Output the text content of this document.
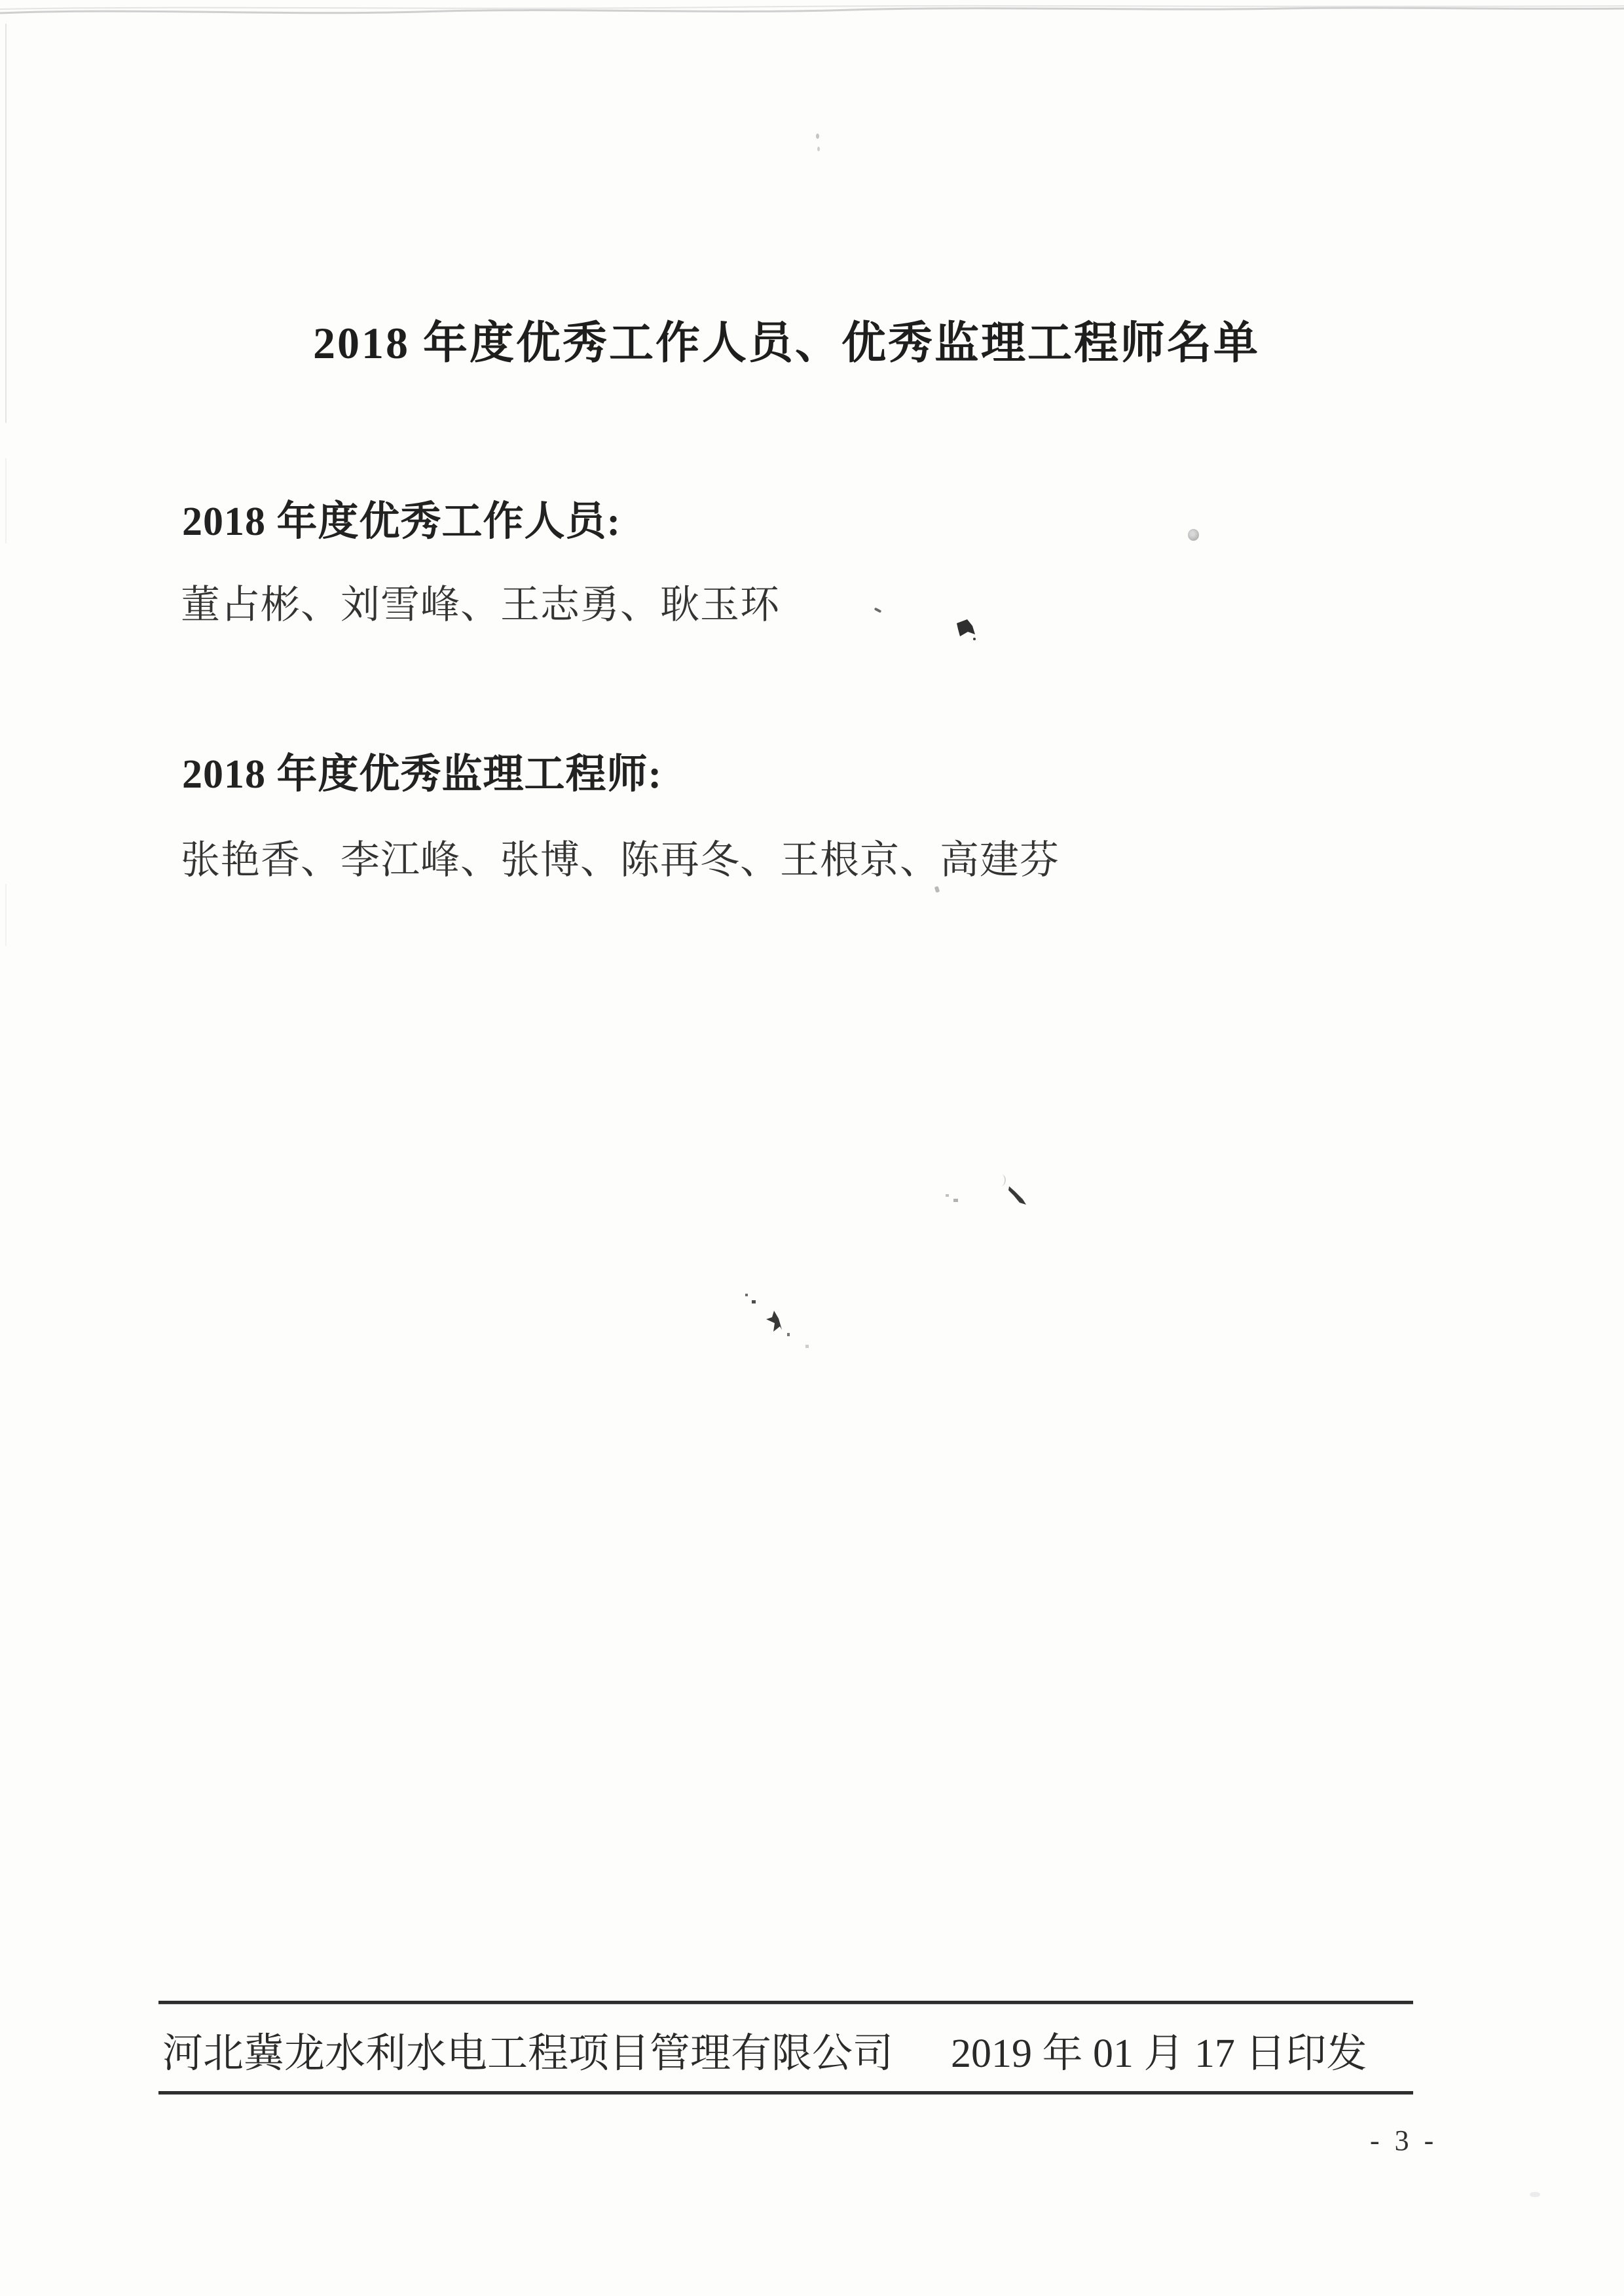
2018 年度优秀工作人员、优秀监理工程师名单
2018 年度优秀工作人员:
董占彬、刘雪峰、王志勇、耿玉环
2018 年度优秀监理工程师:
张艳香、李江峰、张博、陈再冬、王根京、高建芬
河北冀龙水利水电工程项目管理有限公司 2019 年 01 月 17 日印发
- 3 -
